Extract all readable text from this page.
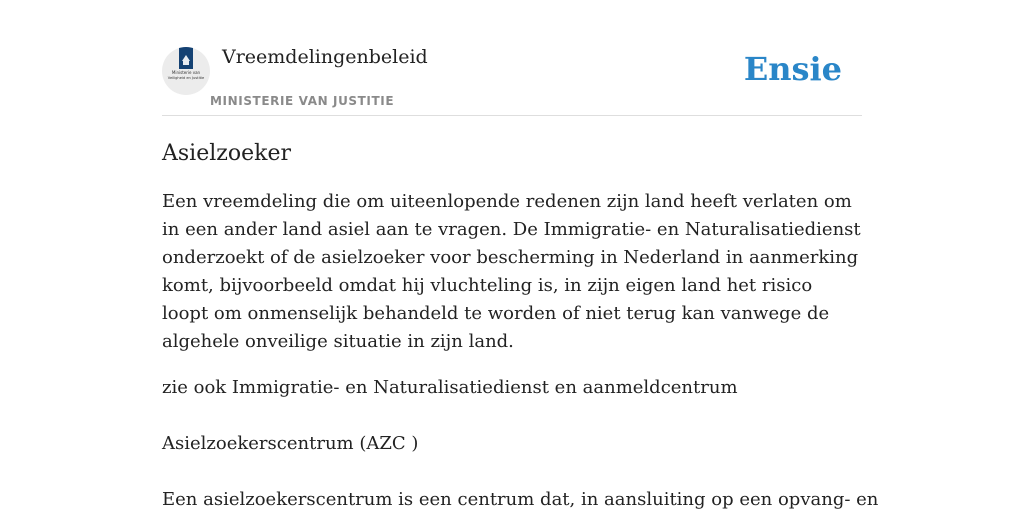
Ministerie van
Veiligheid en Justitie
Vreemdelingenbeleid
MINISTERIE VAN JUSTITIE
Ensie
Asielzoeker

Een vreemdeling die om uiteenlopende redenen zijn land heeft verlaten om in een ander land asiel aan te vragen. De Immigratie- en Naturalisatiedienst onderzoekt of de asielzoeker voor bescherming in Nederland in aanmerking komt, bijvoorbeeld omdat hij vluchteling is, in zijn eigen land het risico loopt om onmenselijk behandeld te worden of niet terug kan vanwege de algehele onveilige situatie in zijn land.

zie ook Immigratie- en Naturalisatiedienst en aanmeldcentrum

Asielzoekerscentrum (AZC )

Een asielzoekerscentrum is een centrum dat, in aansluiting op een opvang- en
